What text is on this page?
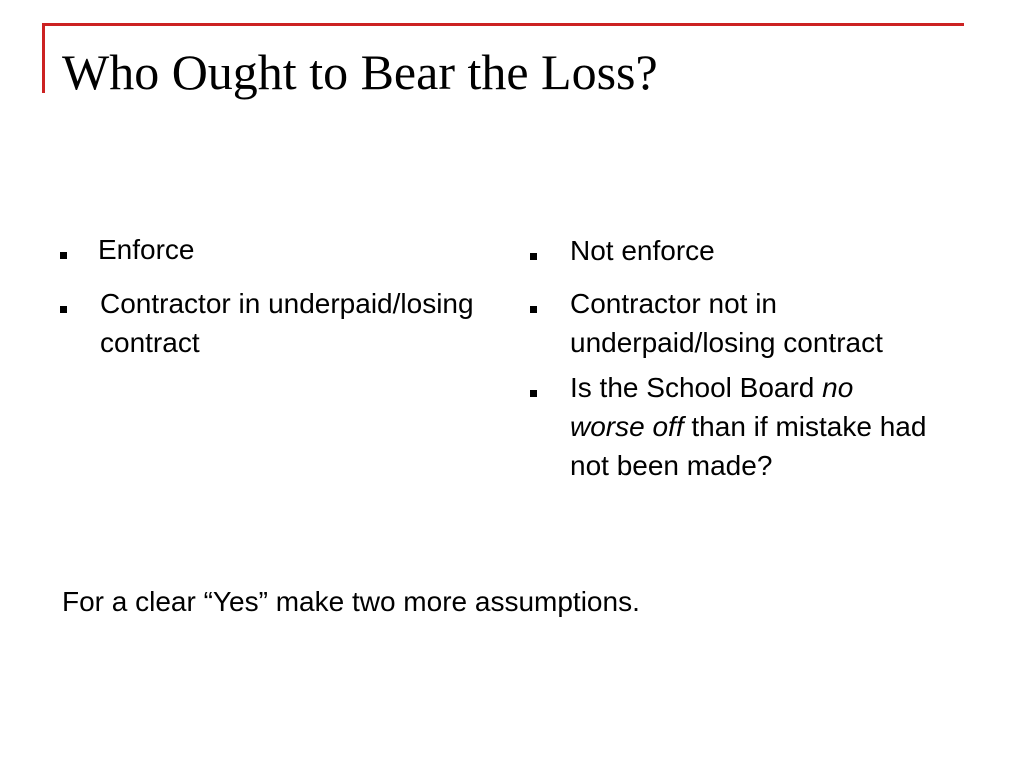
Who Ought to Bear the Loss?
Enforce
Contractor in underpaid/losing contract
Not enforce
Contractor not in underpaid/losing contract
Is the School Board no worse off than if mistake had not been made?
For a clear “Yes” make two more assumptions.
